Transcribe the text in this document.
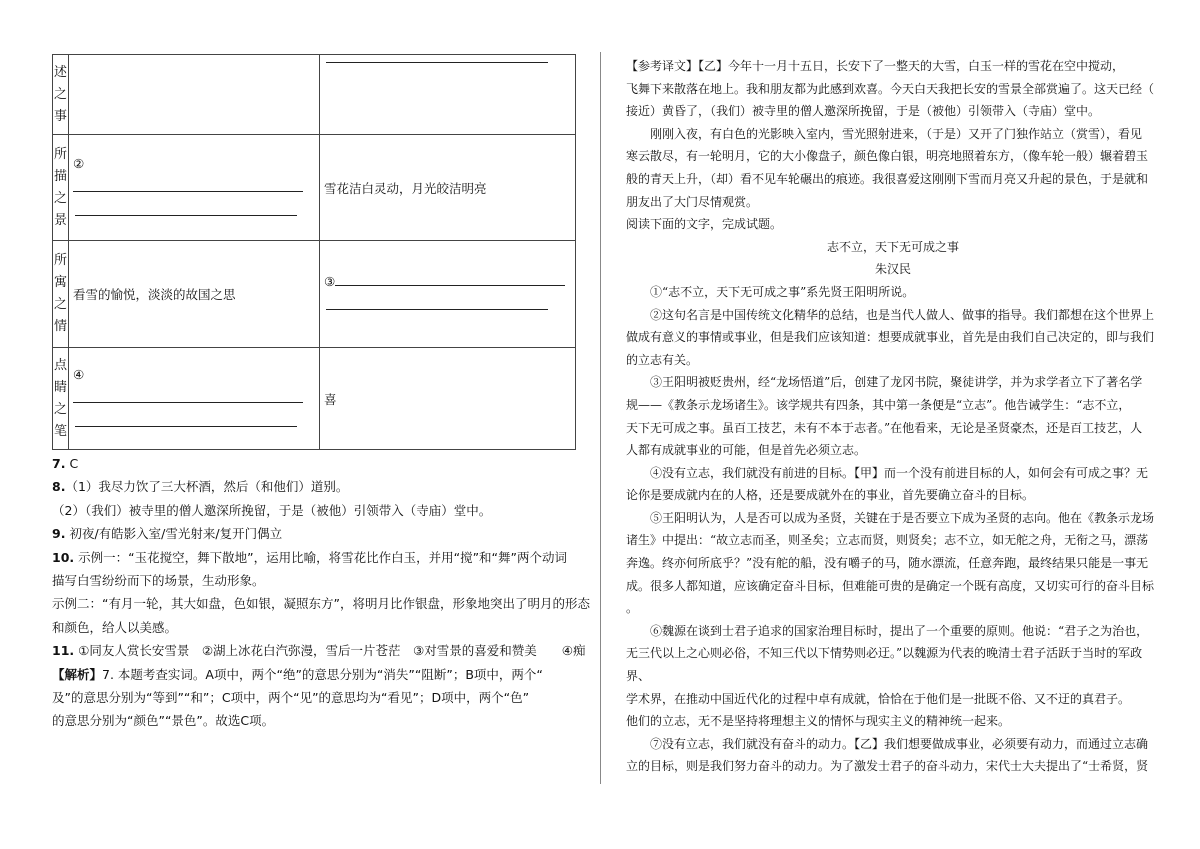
述
之
事		

所
描
之
景	②	雪花洁白灵动，月光皎洁明亮

所
寓
之
情	看雪的愉悦，淡淡的故国之思	③

点
睛
之
笔	④	喜

7. C

8.（1）我尽力饮了三大杯酒，然后（和他们）道别。

（2）（我们）被寺里的僧人邀深所挽留，于是（被他）引领带入（寺庙）堂中。

9. 初夜/有皓影入室/雪光射来/复开门偶立

10. 示例一：“玉花搅空，舞下散地”，运用比喻，将雪花比作白玉，并用“搅”和“舞”两个动词

描写白雪纷纷而下的场景，生动形象。

示例二：“有月一轮，其大如盘，色如银，凝照东方”，将明月比作银盘，形象地突出了明月的形态

和颜色，给人以美感。

11. ①同友人赏长安雪景　②湖上冰花白汽弥漫，雪后一片苍茫　③对雪景的喜爱和赞美　　④痴

【解析】7. 本题考查实词。A项中，两个“绝”的意思分别为“消失”“阻断”；B项中，两个“

及”的意思分别为“等到”“和”；C项中，两个“见”的意思均为“看见”；D项中，两个“色”

的意思分别为“颜色”“景色”。故选C项。

【参考译文】【乙】今年十一月十五日，长安下了一整天的大雪，白玉一样的雪花在空中搅动，

飞舞下来散落在地上。我和朋友都为此感到欢喜。今天白天我把长安的雪景全部赏遍了。这天已经（

接近）黄昏了，（我们）被寺里的僧人邀深所挽留，于是（被他）引领带入（寺庙）堂中。

刚刚入夜，有白色的光影映入室内，雪光照射进来，（于是）又开了门独作站立（赏雪），看见

寒云散尽，有一轮明月，它的大小像盘子，颜色像白银，明亮地照着东方，（像车轮一般）辗着碧玉

般的青天上升，（却）看不见车轮碾出的痕迹。我很喜爱这刚刚下雪而月亮又升起的景色，于是就和

朋友出了大门尽情观赏。

阅读下面的文字，完成试题。

志不立，天下无可成之事

朱汉民

①“志不立，天下无可成之事”系先贤王阳明所说。

②这句名言是中国传统文化精华的总结，也是当代人做人、做事的指导。我们都想在这个世界上

做成有意义的事情或事业，但是我们应该知道：想要成就事业，首先是由我们自己决定的，即与我们

的立志有关。

③王阳明被贬贵州，经“龙场悟道”后，创建了龙冈书院，聚徒讲学，并为求学者立下了著名学

规——《教条示龙场诸生》。该学规共有四条，其中第一条便是“立志”。他告诫学生：“志不立，

天下无可成之事。虽百工技艺，未有不本于志者。”在他看来，无论是圣贤豪杰，还是百工技艺，人

人都有成就事业的可能，但是首先必须立志。

④没有立志，我们就没有前进的目标。【甲】而一个没有前进目标的人，如何会有可成之事？无

论你是要成就内在的人格，还是要成就外在的事业，首先要确立奋斗的目标。

⑤王阳明认为，人是否可以成为圣贤，关键在于是否要立下成为圣贤的志向。他在《教条示龙场

诸生》中提出：“故立志而圣，则圣矣；立志而贤，则贤矣；志不立，如无舵之舟，无衔之马，漂荡

奔逸。终亦何所底乎？”没有舵的船，没有嚼子的马，随水漂流，任意奔跑，最终结果只能是一事无

成。很多人都知道，应该确定奋斗目标，但难能可贵的是确定一个既有高度，又切实可行的奋斗目标

。

⑥魏源在谈到士君子追求的国家治理目标时，提出了一个重要的原则。他说：“君子之为治也，

无三代以上之心则必俗，不知三代以下情势则必迂。”以魏源为代表的晚清士君子活跃于当时的军政界、

学术界，在推动中国近代化的过程中卓有成就，恰恰在于他们是一批既不俗、又不迂的真君子。

他们的立志，无不是坚持将理想主义的情怀与现实主义的精神统一起来。

⑦没有立志，我们就没有奋斗的动力。【乙】我们想要做成事业，必须要有动力，而通过立志确

立的目标，则是我们努力奋斗的动力。为了激发士君子的奋斗动力，宋代士大夫提出了“士希贤，贤
